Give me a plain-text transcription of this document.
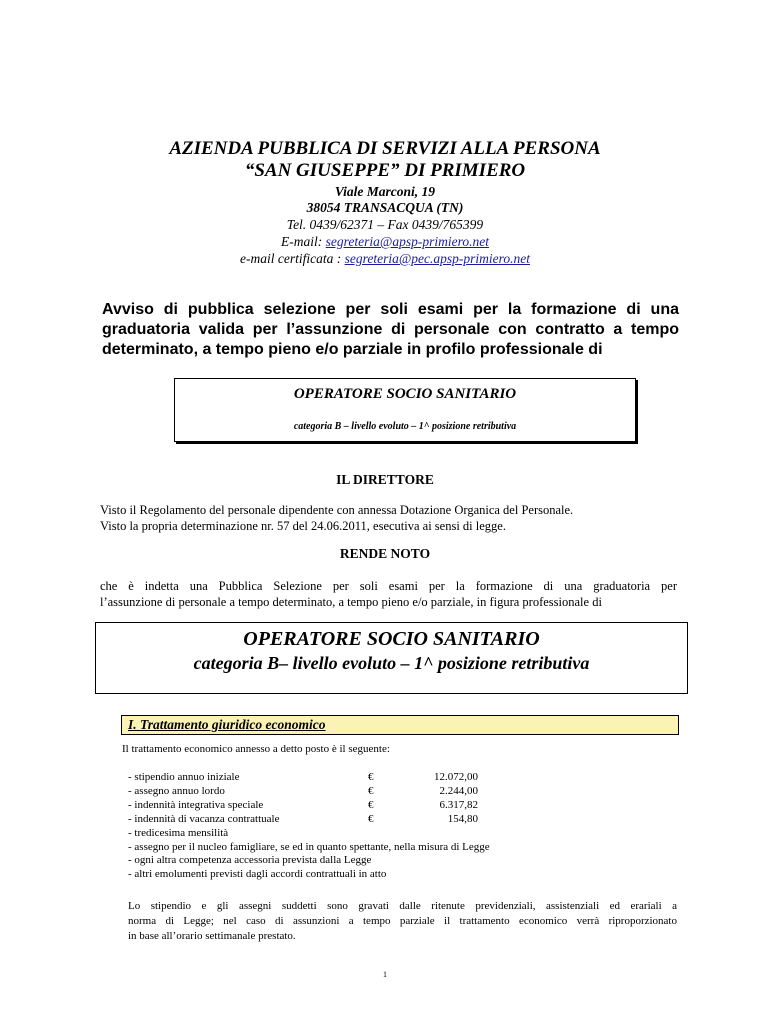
AZIENDA PUBBLICA DI SERVIZI ALLA PERSONA
“SAN GIUSEPPE” DI PRIMIERO
Viale Marconi, 19
38054 TRANSACQUA (TN)
Tel. 0439/62371 – Fax 0439/765399
E-mail: segreteria@apsp-primiero.net
e-mail certificata : segreteria@pec.apsp-primiero.net
Avviso di pubblica selezione per soli esami per la formazione di una
graduatoria valida per l’assunzione di personale con contratto a tempo
determinato, a tempo pieno e/o parziale in profilo professionale di
OPERATORE SOCIO SANITARIO
categoria B – livello evoluto – 1^ posizione retributiva
IL DIRETTORE
Visto il Regolamento del personale dipendente con annessa Dotazione Organica del Personale.
Visto la propria determinazione nr. 57 del 24.06.2011, esecutiva ai sensi di legge.
RENDE NOTO
che è indetta una Pubblica Selezione per soli esami per la formazione di una graduatoria per
l’assunzione di personale a tempo determinato, a tempo pieno e/o parziale, in figura professionale di
OPERATORE SOCIO SANITARIO
categoria B– livello evoluto – 1^ posizione retributiva
I. Trattamento giuridico economico
Il trattamento economico annesso a detto posto è il seguente:
- stipendio annuo iniziale	€	12.072,00
- assegno annuo lordo	€	2.244,00
- indennità integrativa speciale	€	6.317,82
- indennità di vacanza contrattuale	€	154,80
- tredicesima mensilità
- assegno per il nucleo famigliare, se ed in quanto spettante, nella misura di Legge
- ogni altra competenza accessoria prevista dalla Legge
- altri emolumenti previsti dagli accordi contrattuali in atto
Lo stipendio e gli assegni suddetti sono gravati dalle ritenute previdenziali, assistenziali ed erariali a
norma di Legge; nel caso di assunzioni a tempo parziale il trattamento economico verrà riproporzionato
in base all’orario settimanale prestato.
1
